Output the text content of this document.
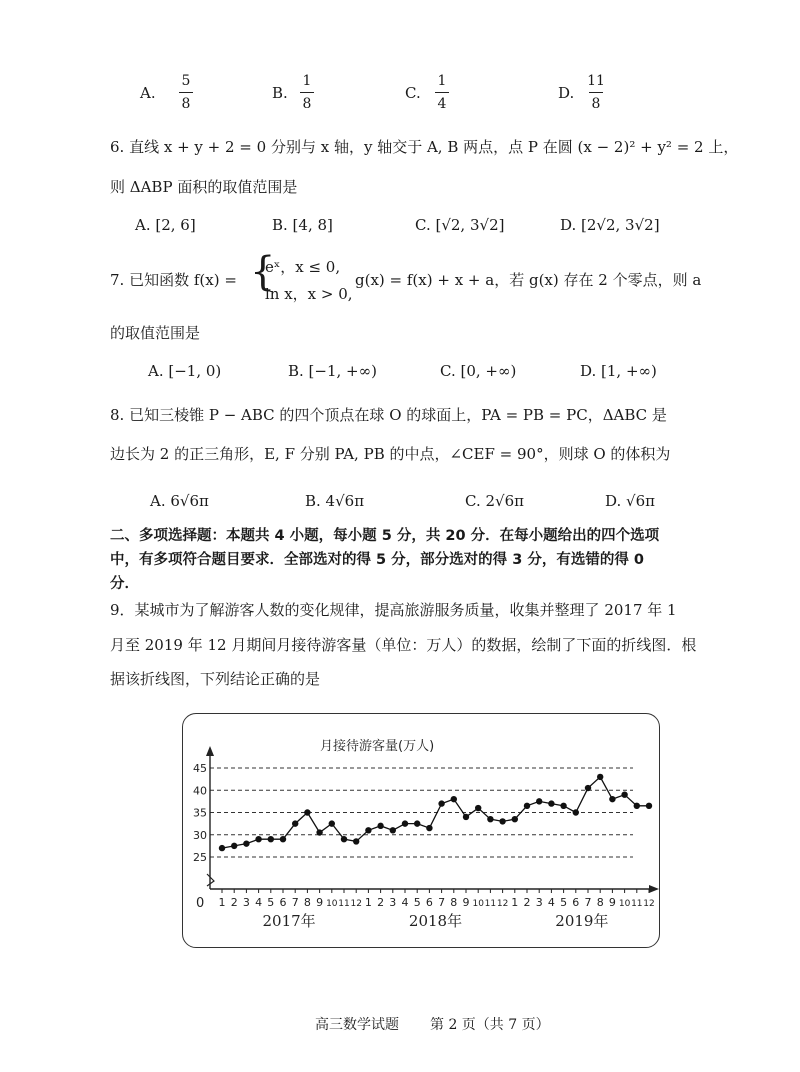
A.
5
8
B.
1
8
C.
1
4
D.
11
8
6. 直线 x + y + 2 = 0 分别与 x 轴，y 轴交于 A, B 两点，点 P 在圆 (x − 2)² + y² = 2 上，
则 ΔABP 面积的取值范围是
A. [2, 6]	B. [4, 8]	C. [√2, 3√2]	D. [2√2, 3√2]
7. 已知函数 f(x) = {
eˣ，x ≤ 0,
ln x，x > 0,
g(x) = f(x) + x + a，若 g(x) 存在 2 个零点，则 a
的取值范围是
A. [−1, 0)	B. [−1, +∞)	C. [0, +∞)	D. [1, +∞)
8. 已知三棱锥 P − ABC 的四个顶点在球 O 的球面上，PA = PB = PC，ΔABC 是
边长为 2 的正三角形，E, F 分别 PA, PB 的中点，∠CEF = 90°，则球 O 的体积为
A. 6√6π	B. 4√6π	C. 2√6π	D. √6π
二、多项选择题：本题共 4 小题，每小题 5 分，共 20 分．在每小题给出的四个选项
中，有多项符合题目要求．全部选对的得 5 分，部分选对的得 3 分，有选错的得 0
分．
9．某城市为了解游客人数的变化规律，提高旅游服务质量，收集并整理了 2017 年 1
月至 2019 年 12 月期间月接待游客量（单位：万人）的数据，绘制了下面的折线图．根
据该折线图，下列结论正确的是
月接待游客量(万人)
25
30
35
40
45
0 1 2 3 4 5 6 7 8 9 10 11 12 1 2 3 4 5 6 7 8 9 10 11 12 1 2 3 4 5 6 7 8 9 10 11 12
2017年	2018年	2019年
高三数学试题 第 2 页（共 7 页）
